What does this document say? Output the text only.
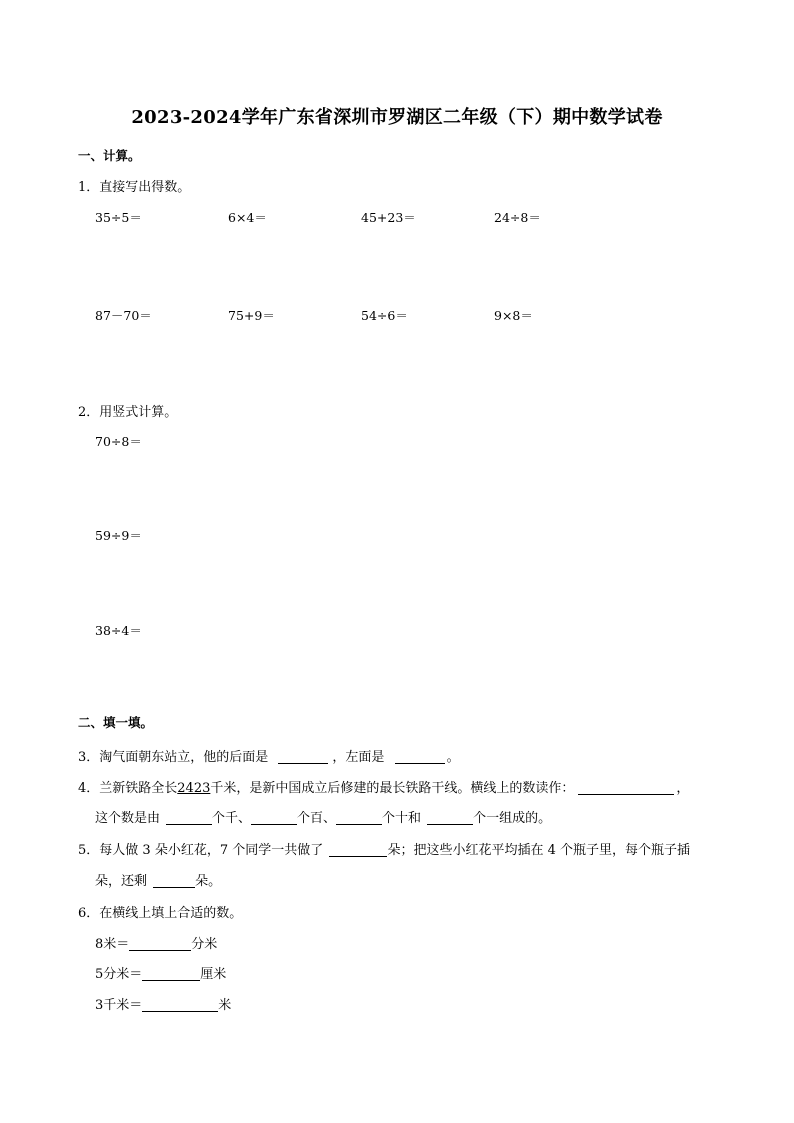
2023-2024学年广东省深圳市罗湖区二年级（下）期中数学试卷
一、计算。
1．直接写出得数。
35÷5＝	6×4＝	45+23＝	24÷8＝
87－70＝	75+9＝	54÷6＝	9×8＝
2．用竖式计算。
70÷8＝
59÷9＝
38÷4＝
二、填一填。
3．淘气面朝东站立，他的后面是	，左面是	。
4．兰新铁路全长2423千米，是新中国成立后修建的最长铁路干线。横线上的数读作：	，
这个数是由	个千、	个百、	个十和	个一组成的。
5．每人做 3 朵小红花，7 个同学一共做了	朵；把这些小红花平均插在 4 个瓶子里，每个瓶子插
朵，还剩	朵。
6．在横线上填上合适的数。
8米＝	分米
5分米＝	厘米
3千米＝	米
